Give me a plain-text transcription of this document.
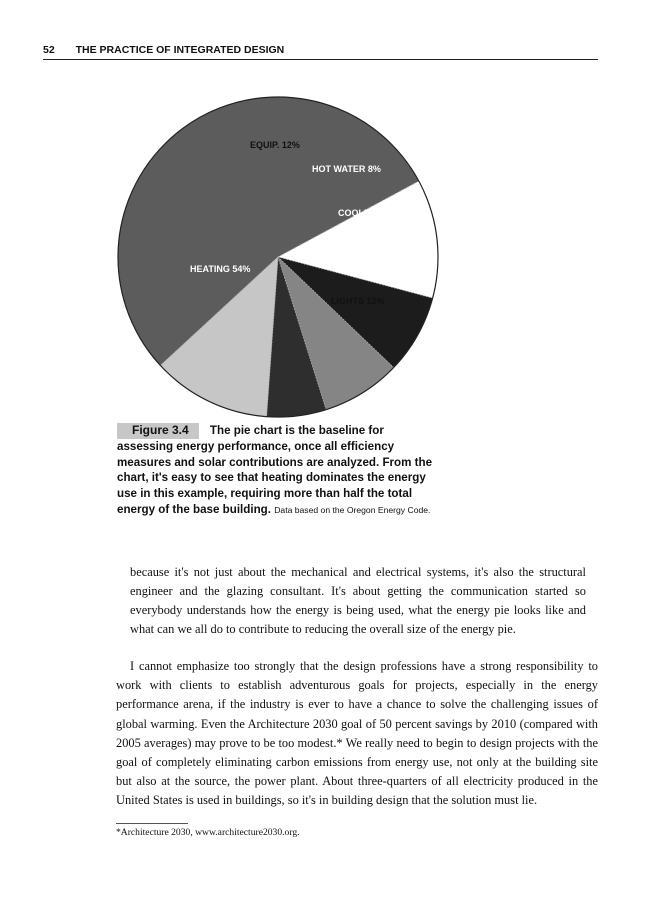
52 THE PRACTICE OF INTEGRATED DESIGN
HEATING 54%
EQUIP. 12%
HOT WATER 8%
COOLING 8%
FANS 6%
LIGHTS 12%
Figure 3.4 The pie chart is the baseline for assessing energy performance, once all efficiency measures and solar contributions are analyzed. From the chart, it's easy to see that heating dominates the energy use in this example, requiring more than half the total energy of the base building. Data based on the Oregon Energy Code.

because it's not just about the mechanical and electrical systems, it's also the structural engineer and the glazing consultant. It's about getting the communication started so everybody understands how the energy is being used, what the energy pie looks like and what can we all do to contribute to reducing the overall size of the energy pie.

I cannot emphasize too strongly that the design professions have a strong responsibility to work with clients to establish adventurous goals for projects, especially in the energy performance arena, if the industry is ever to have a chance to solve the challenging issues of global warming. Even the Architecture 2030 goal of 50 percent savings by 2010 (compared with 2005 averages) may prove to be too modest.* We really need to begin to design projects with the goal of completely eliminating carbon emissions from energy use, not only at the building site but also at the source, the power plant. About three-quarters of all electricity produced in the United States is used in buildings, so it's in building design that the solution must lie.

*Architecture 2030, www.architecture2030.org.
